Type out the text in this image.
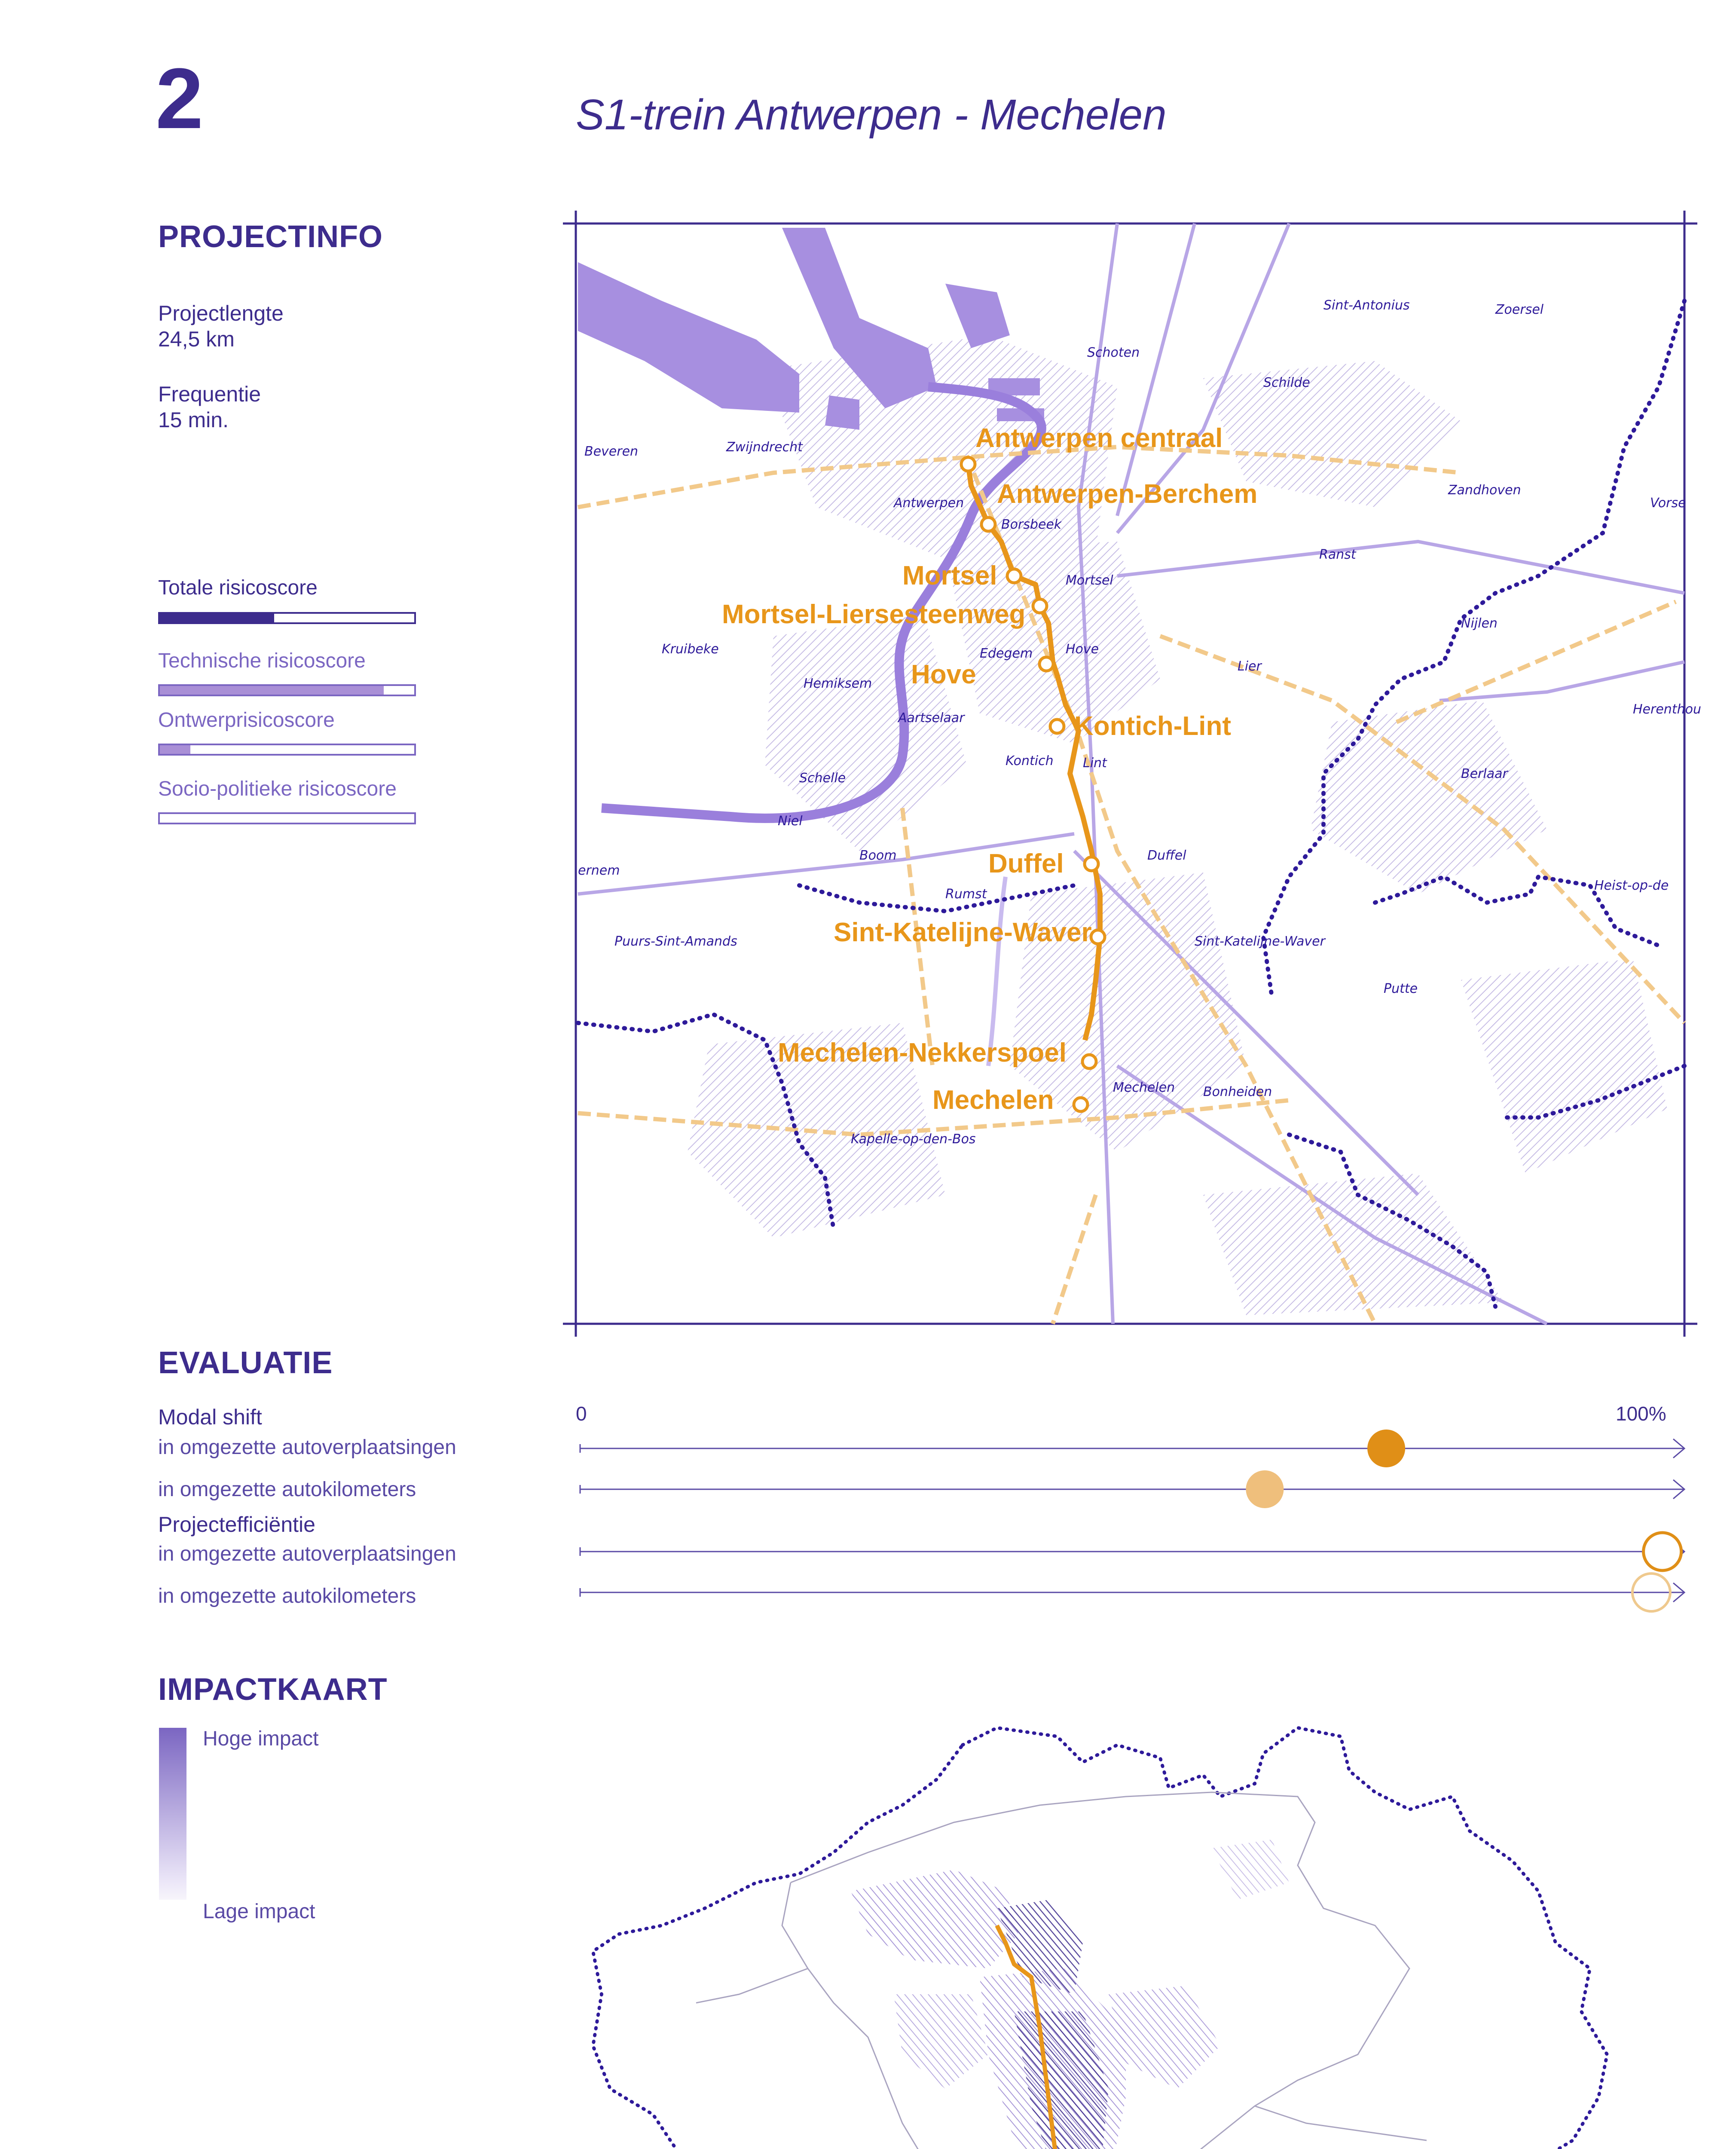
2	S1-trein Antwerpen - Mechelen
PROJECTINFO
Projectlengte
24,5 km
Frequentie
15 min.
Totale risicoscore
Technische risicoscore
Ontwerprisicoscore
Socio-politieke risicoscore
Antwerpen centraal
Antwerpen-Berchem
Mortsel
Mortsel-Liersesteenweg
Hove
Kontich-Lint
Duffel
Sint-Katelijne-Waver
Mechelen-Nekkerspoel
Mechelen
Sint-Antonius	Zoersel
Schoten
Schilde
Beveren	Zwijndrecht
Antwerpen
Borsbeek
Zandhoven
Vorse
Ranst
Mortsel
Kruibeke	Edegem	Hove
Nijlen
Lier
Hemiksem
Aartselaar
Herenthou
Kontich Lint
Berlaar
Schelle
Niel
Duffel
Boom
Rumst
ernem
Heist-op-de
Puurs-Sint-Amands	Sint-Katelijne-Waver
Putte
Mechelen Bonheiden
Kapelle-op-den-Bos
EVALUATIE
0	100%
Modal shift
in omgezette autoverplaatsingen
in omgezette autokilometers
Projectefficiëntie
in omgezette autoverplaatsingen
in omgezette autokilometers
IMPACTKAART
Hoge impact
Lage impact
